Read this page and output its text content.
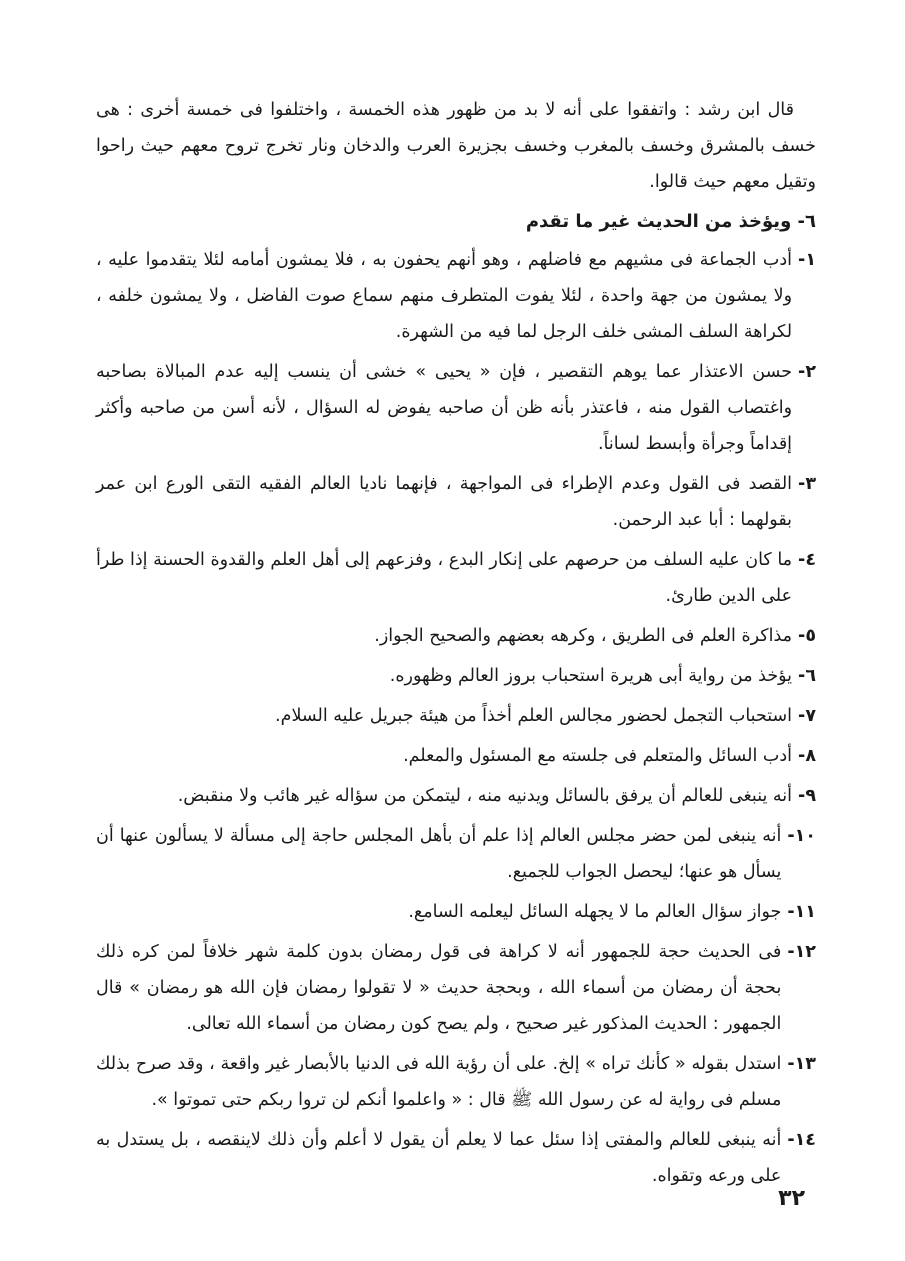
قال ابن رشد : واتفقوا على أنه لا بد من ظهور هذه الخمسة ، واختلفوا فى خمسة أخرى : هى خسف بالمشرق وخسف بالمغرب وخسف بجزيرة العرب والدخان ونار تخرج تروح معهم حيث راحوا وتقيل معهم حيث قالوا.

٦- ويؤخذ من الحديث غير ما تقدم
١-
أدب الجماعة فى مشيهم مع فاضلهم ، وهو أنهم يحفون به ، فلا يمشون أمامه لئلا يتقدموا عليه ، ولا يمشون من جهة واحدة ، لئلا يفوت المتطرف منهم سماع صوت الفاضل ، ولا يمشون خلفه ، لكراهة السلف المشى خلف الرجل لما فيه من الشهرة.
٢-
حسن الاعتذار عما يوهم التقصير ، فإن « يحيى » خشى أن ينسب إليه عدم المبالاة بصاحبه واغتصاب القول منه ، فاعتذر بأنه ظن أن صاحبه يفوض له السؤال ، لأنه أسن من صاحبه وأكثر إقداماً وجرأة وأبسط لساناً.
٣-
القصد فى القول وعدم الإطراء فى المواجهة ، فإنهما ناديا العالم الفقيه التقى الورع ابن عمر بقولهما : أبا عبد الرحمن.
٤-
ما كان عليه السلف من حرصهم على إنكار البدع ، وفزعهم إلى أهل العلم والقدوة الحسنة إذا طرأ على الدين طارئ.
٥-
مذاكرة العلم فى الطريق ، وكرهه بعضهم والصحيح الجواز.
٦-
يؤخذ من رواية أبى هريرة استحباب بروز العالم وظهوره.
٧-
استحباب التجمل لحضور مجالس العلم أخذاً من هيئة جبريل عليه السلام.
٨-
أدب السائل والمتعلم فى جلسته مع المسئول والمعلم.
٩-
أنه ينبغى للعالم أن يرفق بالسائل ويدنيه منه ، ليتمكن من سؤاله غير هائب ولا منقبض.
١٠-
أنه ينبغى لمن حضر مجلس العالم إذا علم أن بأهل المجلس حاجة إلى مسألة لا يسألون عنها أن يسأل هو عنها؛ ليحصل الجواب للجميع.
١١-
جواز سؤال العالم ما لا يجهله السائل ليعلمه السامع.
١٢-
فى الحديث حجة للجمهور أنه لا كراهة فى قول رمضان بدون كلمة شهر خلافاً لمن كره ذلك بحجة أن رمضان من أسماء الله ، وبحجة حديث « لا تقولوا رمضان فإن الله هو رمضان » قال الجمهور : الحديث المذكور غير صحيح ، ولم يصح كون رمضان من أسماء الله تعالى.
١٣-
استدل بقوله « كأنك تراه » إلخ. على أن رؤية الله فى الدنيا بالأبصار غير واقعة ، وقد صرح بذلك مسلم فى رواية له عن رسول الله ﷺ قال : « واعلموا أنكم لن تروا ربكم حتى تموتوا ».
١٤-
أنه ينبغى للعالم والمفتى إذا سئل عما لا يعلم أن يقول لا أعلم وأن ذلك لاينقصه ، بل يستدل به على ورعه وتقواه.
٣٢
